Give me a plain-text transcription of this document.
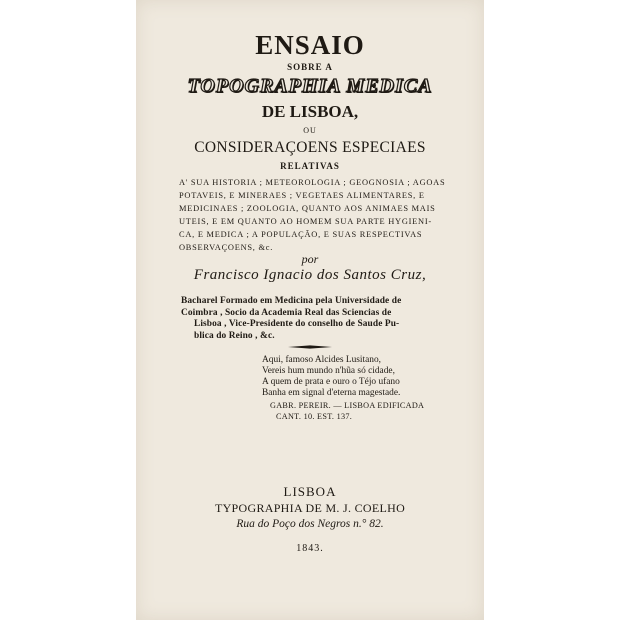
ENSAIO
SOBRE A
TOPOGRAPHIA MEDICA
DE LISBOA,
OU
CONSIDERAÇOENS ESPECIAES
RELATIVAS
A' SUA HISTORIA ; METEOROLOGIA ; GEOGNOSIA ; AGOAS
POTAVEIS, E MINERAES ; VEGETAES ALIMENTARES, E
MEDICINAES ; ZOOLOGIA, QUANTO AOS ANIMAES MAIS
UTEIS, E EM QUANTO AO HOMEM SUA PARTE HYGIENI-
CA, E MEDICA ; A POPULAÇÃO, E SUAS RESPECTIVAS
OBSERVAÇOENS, &c.
por
Francisco Ignacio dos Santos Cruz,
Bacharel Formado em Medicina pela Universidade de
Coimbra , Socio da Academia Real das Sciencias de
Lisboa , Vice-Presidente do conselho de Saude Pu-
blica do Reino , &c.
Aqui, famoso Alcides Lusitano,
Vereis hum mundo n'hũa só cidade,
A quem de prata e ouro o Téjo ufano
Banha em signal d'eterna magestade.
GABR. PEREIR. — LISBOA EDIFICADA
CANT. 10. EST. 137.
LISBOA
TYPOGRAPHIA DE M. J. COELHO
Rua do Poço dos Negros n.° 82.
1843.
